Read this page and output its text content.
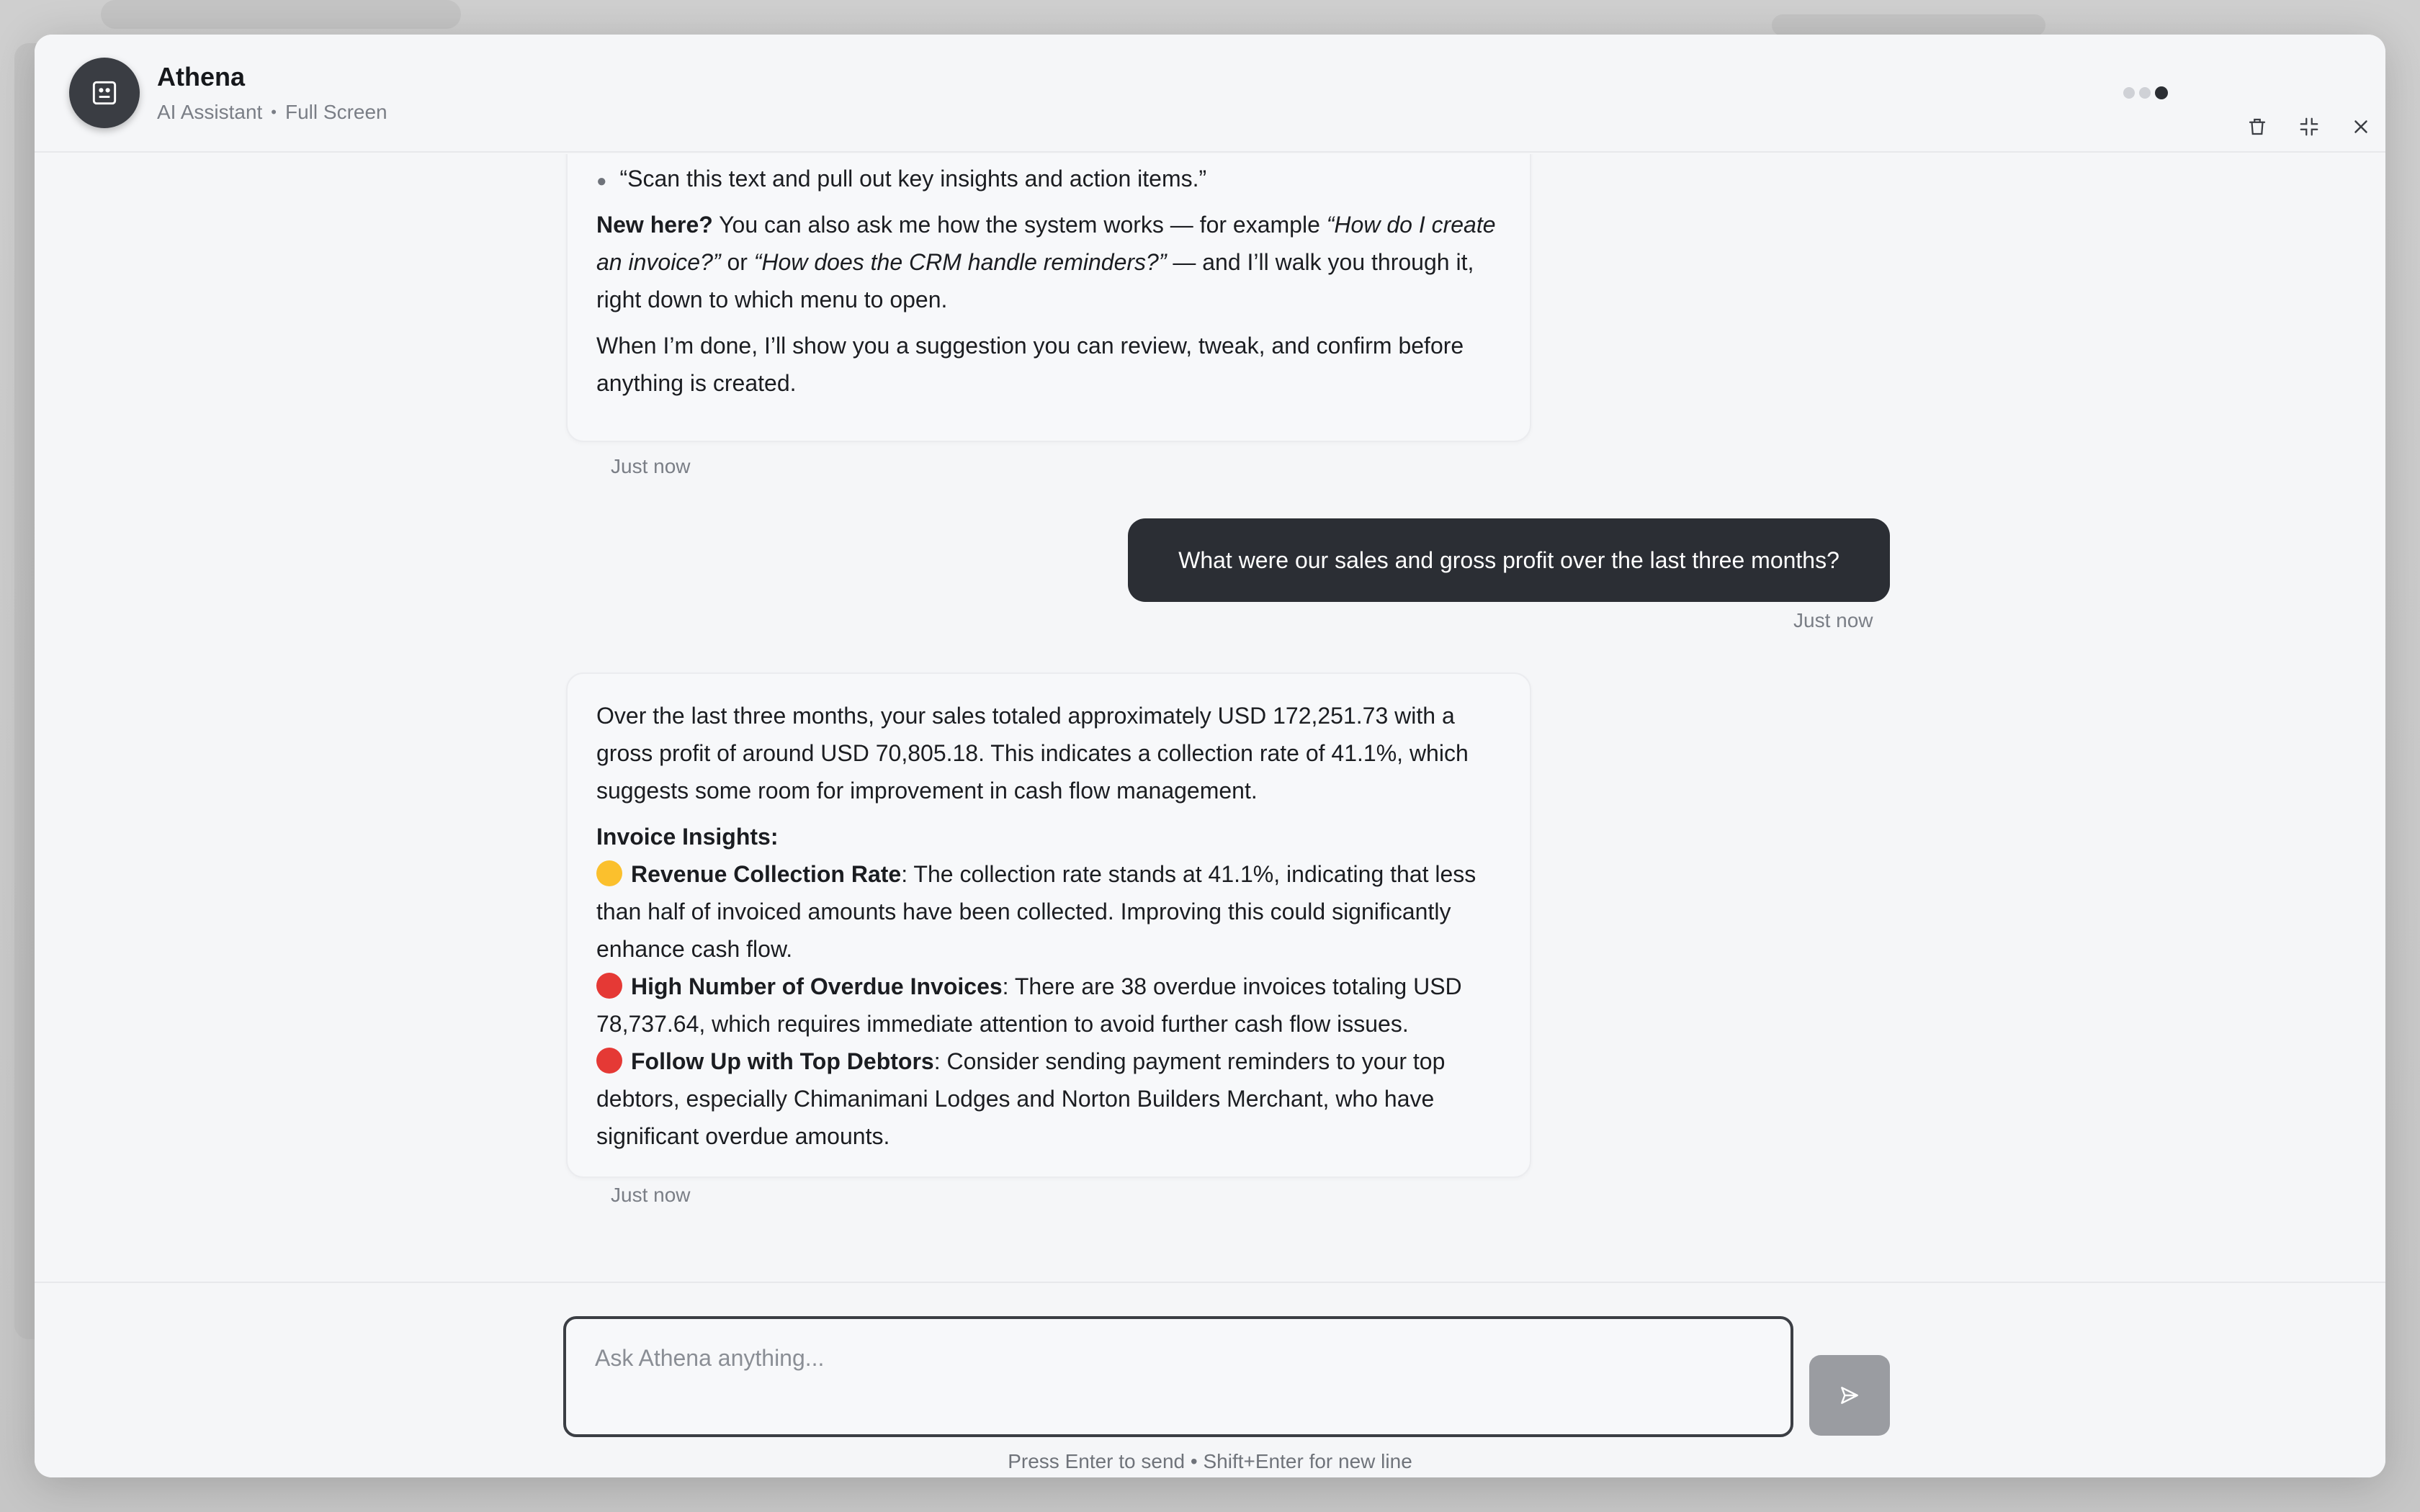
Athena
AI Assistant • Full Screen
● “Scan this text and pull out key insights and action items.”

New here? You can also ask me how the system works — for example “How do I create an invoice?” or “How does the CRM handle reminders?” — and I’ll walk you through it, right down to which menu to open.

When I’m done, I’ll show you a suggestion you can review, tweak, and confirm before anything is created.

Just now
What were our sales and gross profit over the last three months?
Just now

Over the last three months, your sales totaled approximately USD 172,251.73 with a gross profit of around USD 70,805.18. This indicates a collection rate of 41.1%, which suggests some room for improvement in cash flow management.

Invoice Insights:
Revenue Collection Rate: The collection rate stands at 41.1%, indicating that less than half of invoiced amounts have been collected. Improving this could significantly enhance cash flow.
High Number of Overdue Invoices: There are 38 overdue invoices totaling USD 78,737.64, which requires immediate attention to avoid further cash flow issues.
Follow Up with Top Debtors: Consider sending payment reminders to your top debtors, especially Chimanimani Lodges and Norton Builders Merchant, who have significant overdue amounts.

Just now
Ask Athena anything...
Press Enter to send • Shift+Enter for new line
